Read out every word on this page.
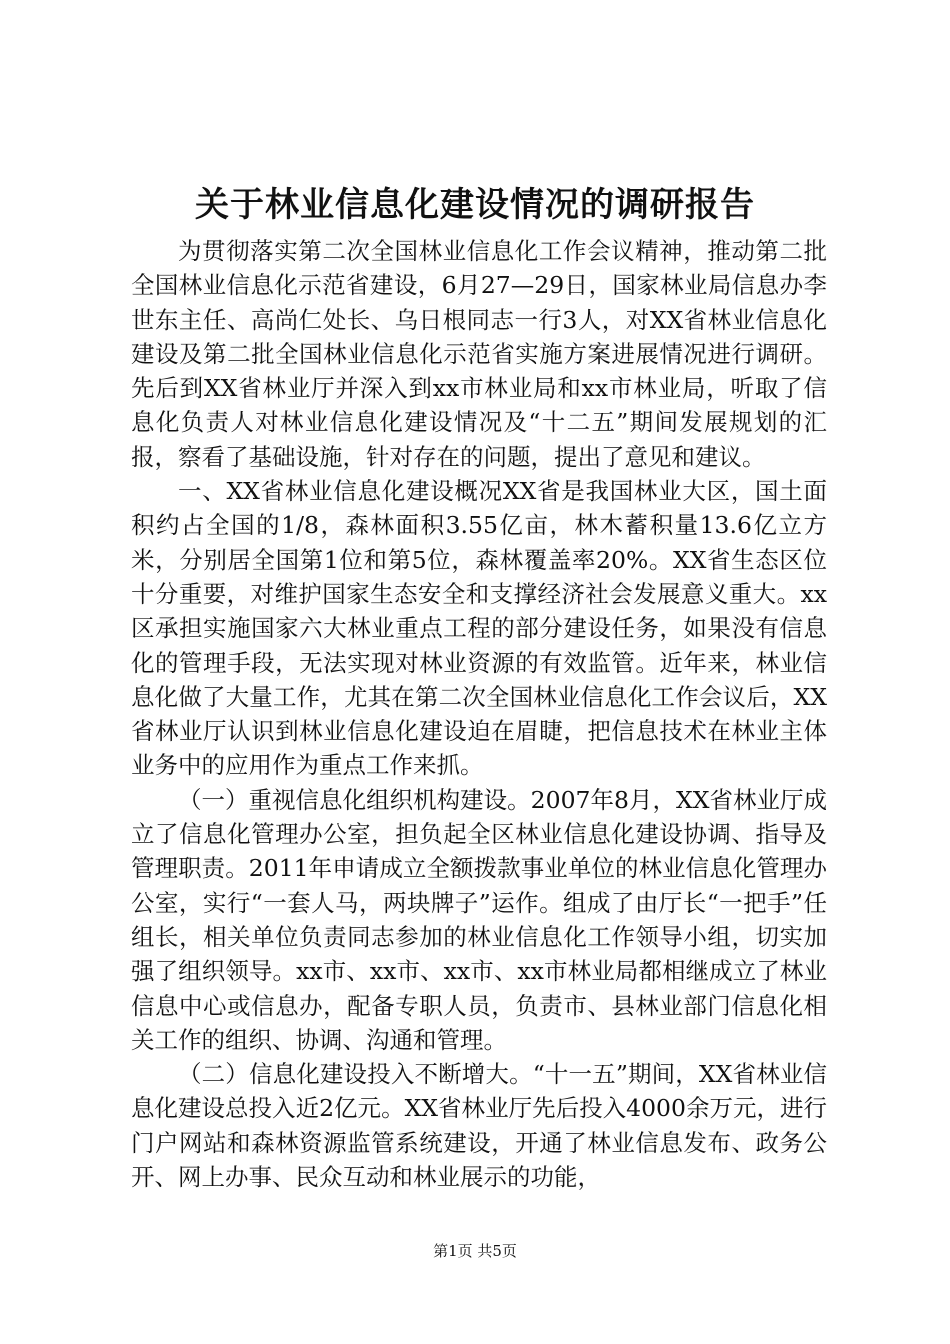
关于林业信息化建设情况的调研报告

为贯彻落实第二次全国林业信息化工作会议精神，推动第二批全国林业信息化示范省建设，6月27—29日，国家林业局信息办李世东主任、高尚仁处长、乌日根同志一行3人，对XX省林业信息化建设及第二批全国林业信息化示范省实施方案进展情况进行调研。先后到XX省林业厅并深入到xx市林业局和xx市林业局，听取了信息化负责人对林业信息化建设情况及“十二五”期间发展规划的汇报，察看了基础设施，针对存在的问题，提出了意见和建议。

一、XX省林业信息化建设概况XX省是我国林业大区，国土面积约占全国的1/8，森林面积3.55亿亩，林木蓄积量13.6亿立方米，分别居全国第1位和第5位，森林覆盖率20%。XX省生态区位十分重要，对维护国家生态安全和支撑经济社会发展意义重大。xx区承担实施国家六大林业重点工程的部分建设任务，如果没有信息化的管理手段，无法实现对林业资源的有效监管。近年来，林业信息化做了大量工作，尤其在第二次全国林业信息化工作会议后，XX省林业厅认识到林业信息化建设迫在眉睫，把信息技术在林业主体业务中的应用作为重点工作来抓。

（一）重视信息化组织机构建设。2007年8月，XX省林业厅成立了信息化管理办公室，担负起全区林业信息化建设协调、指导及管理职责。2011年申请成立全额拨款事业单位的林业信息化管理办公室，实行“一套人马，两块牌子”运作。组成了由厅长“一把手”任组长，相关单位负责同志参加的林业信息化工作领导小组，切实加强了组织领导。xx市、xx市、xx市、xx市林业局都相继成立了林业信息中心或信息办，配备专职人员，负责市、县林业部门信息化相关工作的组织、协调、沟通和管理。

（二）信息化建设投入不断增大。“十一五”期间，XX省林业信息化建设总投入近2亿元。XX省林业厅先后投入4000余万元，进行门户网站和森林资源监管系统建设，开通了林业信息发布、政务公开、网上办事、民众互动和林业展示的功能，

第1页 共5页
